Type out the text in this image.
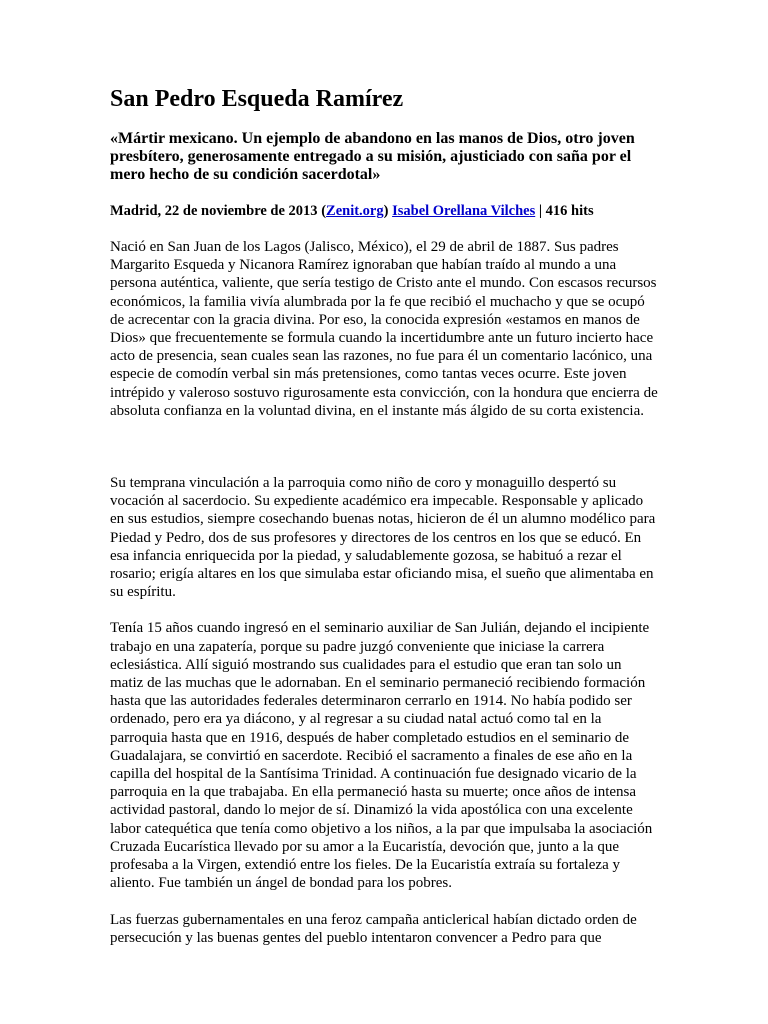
San Pedro Esqueda Ramírez

«Mártir mexicano. Un ejemplo de abandono en las manos de Dios, otro joven presbítero, generosamente entregado a su misión, ajusticiado con saña por el mero hecho de su condición sacerdotal»

Madrid, 22 de noviembre de 2013 (Zenit.org) Isabel Orellana Vilches | 416 hits

Nació en San Juan de los Lagos (Jalisco, México), el 29 de abril de 1887. Sus padres Margarito Esqueda y Nicanora Ramírez ignoraban que habían traído al mundo a una persona auténtica, valiente, que sería testigo de Cristo ante el mundo. Con escasos recursos económicos, la familia vivía alumbrada por la fe que recibió el muchacho y que se ocupó de acrecentar con la gracia divina. Por eso, la conocida expresión «estamos en manos de Dios» que frecuentemente se formula cuando la incertidumbre ante un futuro incierto hace acto de presencia, sean cuales sean las razones, no fue para él un comentario lacónico, una especie de comodín verbal sin más pretensiones, como tantas veces ocurre. Este joven intrépido y valeroso sostuvo rigurosamente esta convicción, con la hondura que encierra de absoluta confianza en la voluntad divina, en el instante más álgido de su corta existencia.

Su temprana vinculación a la parroquia como niño de coro y monaguillo despertó su vocación al sacerdocio. Su expediente académico era impecable. Responsable y aplicado en sus estudios, siempre cosechando buenas notas, hicieron de él un alumno modélico para Piedad y Pedro, dos de sus profesores y directores de los centros en los que se educó. En esa infancia enriquecida por la piedad, y saludablemente gozosa, se habituó a rezar el rosario; erigía altares en los que simulaba estar oficiando misa, el sueño que alimentaba en su espíritu.

Tenía 15 años cuando ingresó en el seminario auxiliar de San Julián, dejando el incipiente trabajo en una zapatería, porque su padre juzgó conveniente que iniciase la carrera eclesiástica. Allí siguió mostrando sus cualidades para el estudio que eran tan solo un matiz de las muchas que le adornaban. En el seminario permaneció recibiendo formación hasta que las autoridades federales determinaron cerrarlo en 1914. No había podido ser ordenado, pero era ya diácono, y al regresar a su ciudad natal actuó como tal en la parroquia hasta que en 1916, después de haber completado estudios en el seminario de Guadalajara, se convirtió en sacerdote. Recibió el sacramento a finales de ese año en la capilla del hospital de la Santísima Trinidad. A continuación fue designado vicario de la parroquia en la que trabajaba. En ella permaneció hasta su muerte; once años de intensa actividad pastoral, dando lo mejor de sí. Dinamizó la vida apostólica con una excelente labor catequética que tenía como objetivo a los niños, a la par que impulsaba la asociación Cruzada Eucarística llevado por su amor a la Eucaristía, devoción que, junto a la que profesaba a la Virgen, extendió entre los fieles. De la Eucaristía extraía su fortaleza y aliento. Fue también un ángel de bondad para los pobres.

Las fuerzas gubernamentales en una feroz campaña anticlerical habían dictado orden de persecución y las buenas gentes del pueblo intentaron convencer a Pedro para que
